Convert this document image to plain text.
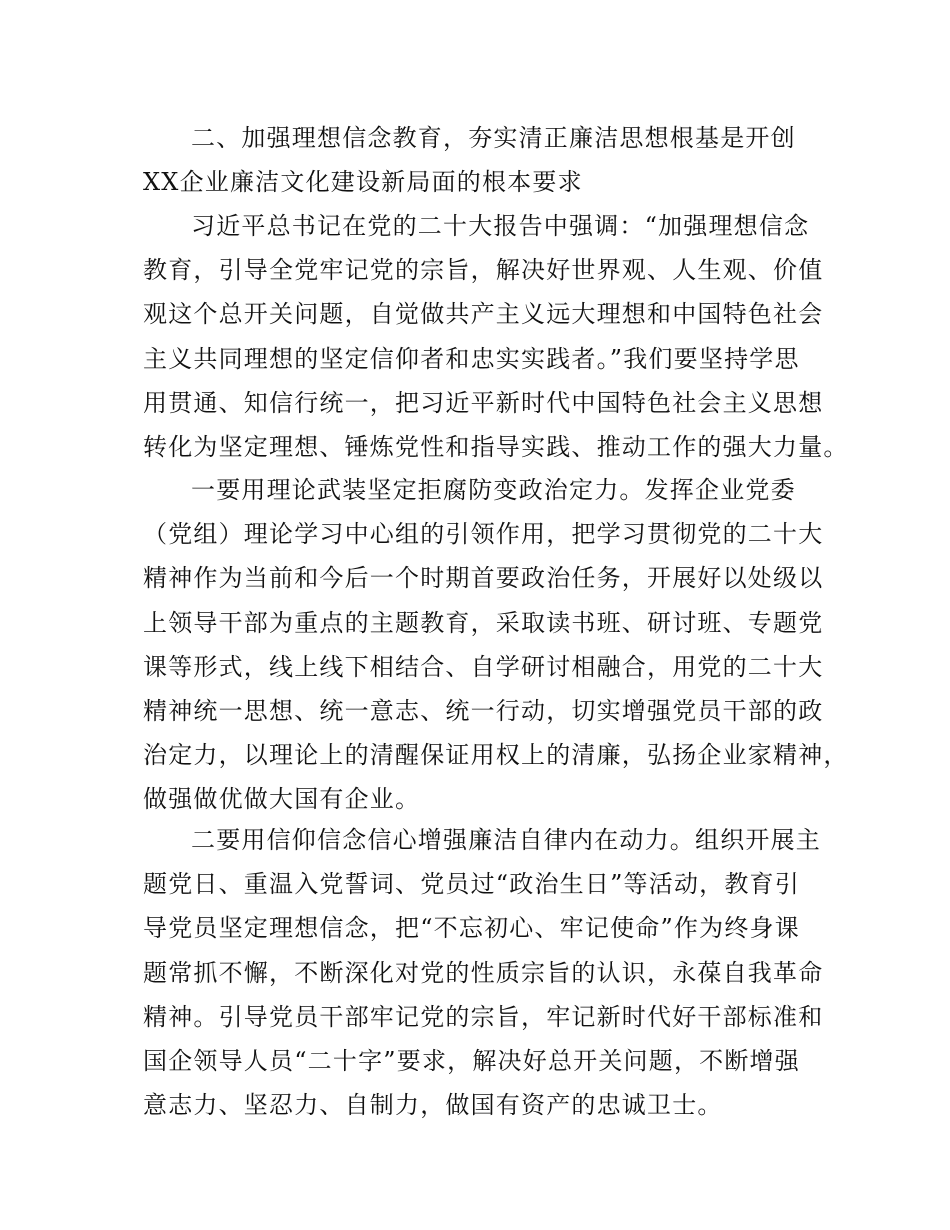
二、加强理想信念教育，夯实清正廉洁思想根基是开创
XX企业廉洁文化建设新局面的根本要求
习近平总书记在党的二十大报告中强调：“加强理想信念
教育，引导全党牢记党的宗旨，解决好世界观、人生观、价值
观这个总开关问题，自觉做共产主义远大理想和中国特色社会
主义共同理想的坚定信仰者和忠实实践者。”我们要坚持学思
用贯通、知信行统一，把习近平新时代中国特色社会主义思想
转化为坚定理想、锤炼党性和指导实践、推动工作的强大力量。
一要用理论武装坚定拒腐防变政治定力。发挥企业党委
（党组）理论学习中心组的引领作用，把学习贯彻党的二十大
精神作为当前和今后一个时期首要政治任务，开展好以处级以
上领导干部为重点的主题教育，采取读书班、研讨班、专题党
课等形式，线上线下相结合、自学研讨相融合，用党的二十大
精神统一思想、统一意志、统一行动，切实增强党员干部的政
治定力，以理论上的清醒保证用权上的清廉，弘扬企业家精神，
做强做优做大国有企业。
二要用信仰信念信心增强廉洁自律内在动力。组织开展主
题党日、重温入党誓词、党员过“政治生日”等活动，教育引
导党员坚定理想信念，把“不忘初心、牢记使命”作为终身课
题常抓不懈，不断深化对党的性质宗旨的认识，永葆自我革命
精神。引导党员干部牢记党的宗旨，牢记新时代好干部标准和
国企领导人员“二十字”要求，解决好总开关问题，不断增强
意志力、坚忍力、自制力，做国有资产的忠诚卫士。
